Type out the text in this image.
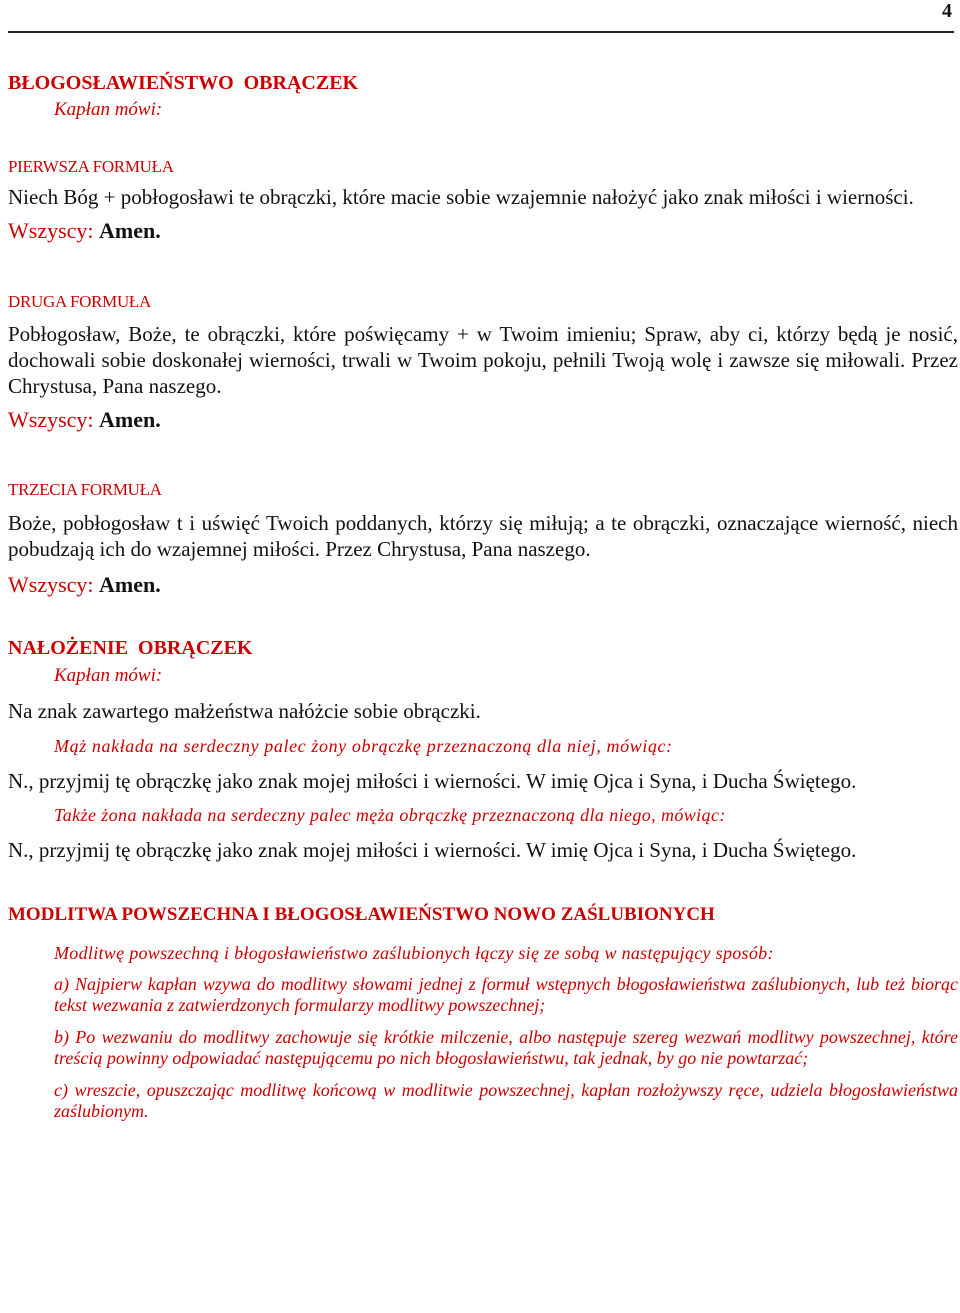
4
BŁOGOSŁAWIEŃSTWO  OBRĄCZEK
Kapłan mówi:
PIERWSZA FORMUŁA

Niech Bóg + pobłogosławi te obrączki, które macie sobie wzajemnie nałożyć jako znak miłości i wierności.

Wszyscy: Amen.

DRUGA FORMUŁA

Pobłogosław, Boże, te obrączki, które poświęcamy + w Twoim imieniu; Spraw, aby ci, którzy będą je nosić, dochowali sobie doskonałej wierności, trwali w Twoim pokoju, pełnili Twoją wolę i zawsze się miłowali. Przez Chrystusa, Pana naszego.

Wszyscy: Amen.

TRZECIA FORMUŁA

Boże, pobłogosław t i uświęć Twoich poddanych, którzy się miłują; a te obrączki, oznaczające wierność, niech pobudzają ich do wzajemnej miłości. Przez Chrystusa, Pana naszego.

Wszyscy: Amen.

NAŁOŻENIE  OBRĄCZEK
Kapłan mówi:

Na znak zawartego małżeństwa nałóżcie sobie obrączki.

Mąż nakłada na serdeczny palec żony obrączkę przeznaczoną dla niej, mówiąc:

N., przyjmij tę obrączkę jako znak mojej miłości i wierności. W imię Ojca i Syna, i Ducha Świętego.

Także żona nakłada na serdeczny palec męża obrączkę przeznaczoną dla niego, mówiąc:

N., przyjmij tę obrączkę jako znak mojej miłości i wierności. W imię Ojca i Syna, i Ducha Świętego.

MODLITWA POWSZECHNA I BŁOGOSŁAWIEŃSTWO NOWO ZAŚLUBIONYCH

Modlitwę powszechną i błogosławieństwo zaślubionych łączy się ze sobą w następujący sposób:

a) Najpierw kapłan wzywa do modlitwy słowami jednej z formuł wstępnych błogosławieństwa zaślubionych, lub też biorąc tekst wezwania z zatwierdzonych formularzy modlitwy powszechnej;

b) Po wezwaniu do modlitwy zachowuje się krótkie milczenie, albo następuje szereg wezwań modlitwy powszechnej, które treścią powinny odpowiadać następującemu po nich błogosławieństwu, tak jednak, by go nie powtarzać;

c) wreszcie, opuszczając modlitwę końcową w modlitwie powszechnej, kapłan rozłożywszy ręce, udziela błogosławieństwa zaślubionym.
